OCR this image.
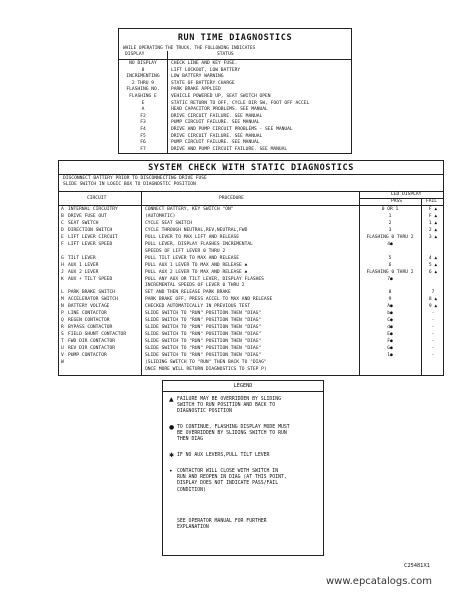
RUN TIME DIAGNOSTICS
WHILE OPERATING THE TRUCK, THE FOLLOWING INDICATES
DISPLAY	STATUS
NO DISPLAY	CHECK LINE AND KEY FUSE.
0	LIFT LOCKOUT, LOW BATTERY
INCREMENTING	LOW BATTERY WARNING
2 THRU 9	STATE OF BATTERY CHARGE
FLASHING NO.	PARK BRAKE APPLIED
FLASHING E	VEHICLE POWERED UP, SEAT SWITCH OPEN
E	STATIC RETURN TO OFF, CYCLE DIR SW, FOOT OFF ACCEL
A	HEAD CAPACITOR PROBLEMS. SEE MANUAL
F2	DRIVE CIRCUIT FAILURE. SEE MANUAL
F3	PUMP CIRCUIT FAILURE. SEE MANUAL
F4	DRIVE AND PUMP CIRCUIT PROBLEMS - SEE MANUAL
F5	DRIVE CIRCUIT FAILURE. SEE MANUAL
F6	PUMP CIRCUIT FAILURE. SEE MANUAL
F7	DRIVE AND PUMP CIRCUIT FAILURE. SEE MANUAL
SYSTEM CHECK WITH STATIC DIAGNOSTICS
DISCONNECT BATTERY PRIOR TO DISCONNECTING DRIVE FUSE
SLIDE SWITCH IN LOGIC BOX TO DIAGNOSTIC POSITION
CIRCUIT	PROCEDURE
LED DISPLAY
PASS	FAIL
A INTERNAL CIRCUITRY	CONNECT BATTERY, KEY SWITCH "ON"	0 OR 1	F ▲
B DRIVE FUSE OUT	(AUTOMATIC)	1	F ▲
C SEAT SWITCH	CYCLE SEAT SWITCH	2	1 ▲
D DIRECTION SWITCH	CYCLE THROUGH NEUTRAL,REV,NEUTRAL,FWD	3	2 ▲
E LIFT LEVER CIRCUIT	PULL LEVER TO MAX LIFT AND RELEASE	FLASHING 0 THRU 2	3 ▲
F LIFT LEVER SPEED	PULL LEVER, DISPLAY FLASHES INCREMENTAL	4●
SPEEDS OF LIFT LEVER 0 THRU 2
G TILT LEVER	PULL TILT LEVER TO MAX AND RELEASE	5	4 ▲
H AUX 1 LEVER	PULL AUX 1 LEVER TO MAX AND RELEASE ✱	6	5 ▲
J AUX 2 LEVER	PULL AUX 2 LEVER TO MAX AND RELEASE ✱	FLASHING 0 THRU 2	6 ▲
K AUX + TILT SPEED	PULL ANY AUX OR TILT LEVER, DISPLAY FLASHES	7●
INCREMENTAL SPEEDS OF LEVER 0 THRU 2
L PARK BRAKE SWITCH	SET AND THEN RELEASE PARK BRAKE	8	7
M ACCELERATOR SWITCH	PARK BRAKE OFF, PRESS ACCEL TO MAX AND RELEASE	9	8 ▲
N BATTERY VOLTAGE	CHECKED AUTOMATICALLY IN PREVIOUS TEST	A●	9 ▲
P LINE CONTACTOR	SLIDE SWITCH TO "RUN" POSITION THEN "DIAG"	b●	-
Q REGEN CONTACTOR	SLIDE SWITCH TO "RUN" POSITION THEN "DIAG"	C●	-
R BYPASS CONTACTOR	SLIDE SWITCH TO "RUN" POSITION THEN "DIAG"	d●	-
S FIELD SHUNT CONTACTOR	SLIDE SWITCH TO "RUN" POSITION THEN "DIAG"	E●	-
T FWD DIR CONTACTOR	SLIDE SWITCH TO "RUN" POSITION THEN "DIAG"	F●	-
U REV DIR CONTACTOR	SLIDE SWITCH TO "RUN" POSITION THEN "DIAG"	G●	-
V PUMP CONTACTOR	SLIDE SWITCH TO "RUN" POSITION THEN "DIAG"	1●	-
W	(SLIDING SWITCH TO "RUN" THEN BACK TO "DIAG"
ONCE MORE WILL RETURN DIAGNOSTICS TO STEP P)
LEGEND
▲ FAILURE MAY BE OVERRIDDEN BY SLIDING
SWITCH TO RUN POSITION AND BACK TO
DIAGNOSTIC POSITION
● TO CONTINUE, FLASHING DISPLAY MODE MUST
BE OVERRIDDEN BY SLIDING SWITCH TO RUN
THEN DIAG
✱ IF NO AUX LEVERS,PULL TILT LEVER
• CONTACTOR WILL CLOSE WITH SWITCH IN
RUN AND REOPEN IN DIAG (AT THIS POINT,
DISPLAY DOES NOT INDICATE PASS/FAIL
CONDITION)
SEE OPERATOR MANUAL FOR FURTHER
EXPLANATION
C25481X1
www.epcatalogs.com
